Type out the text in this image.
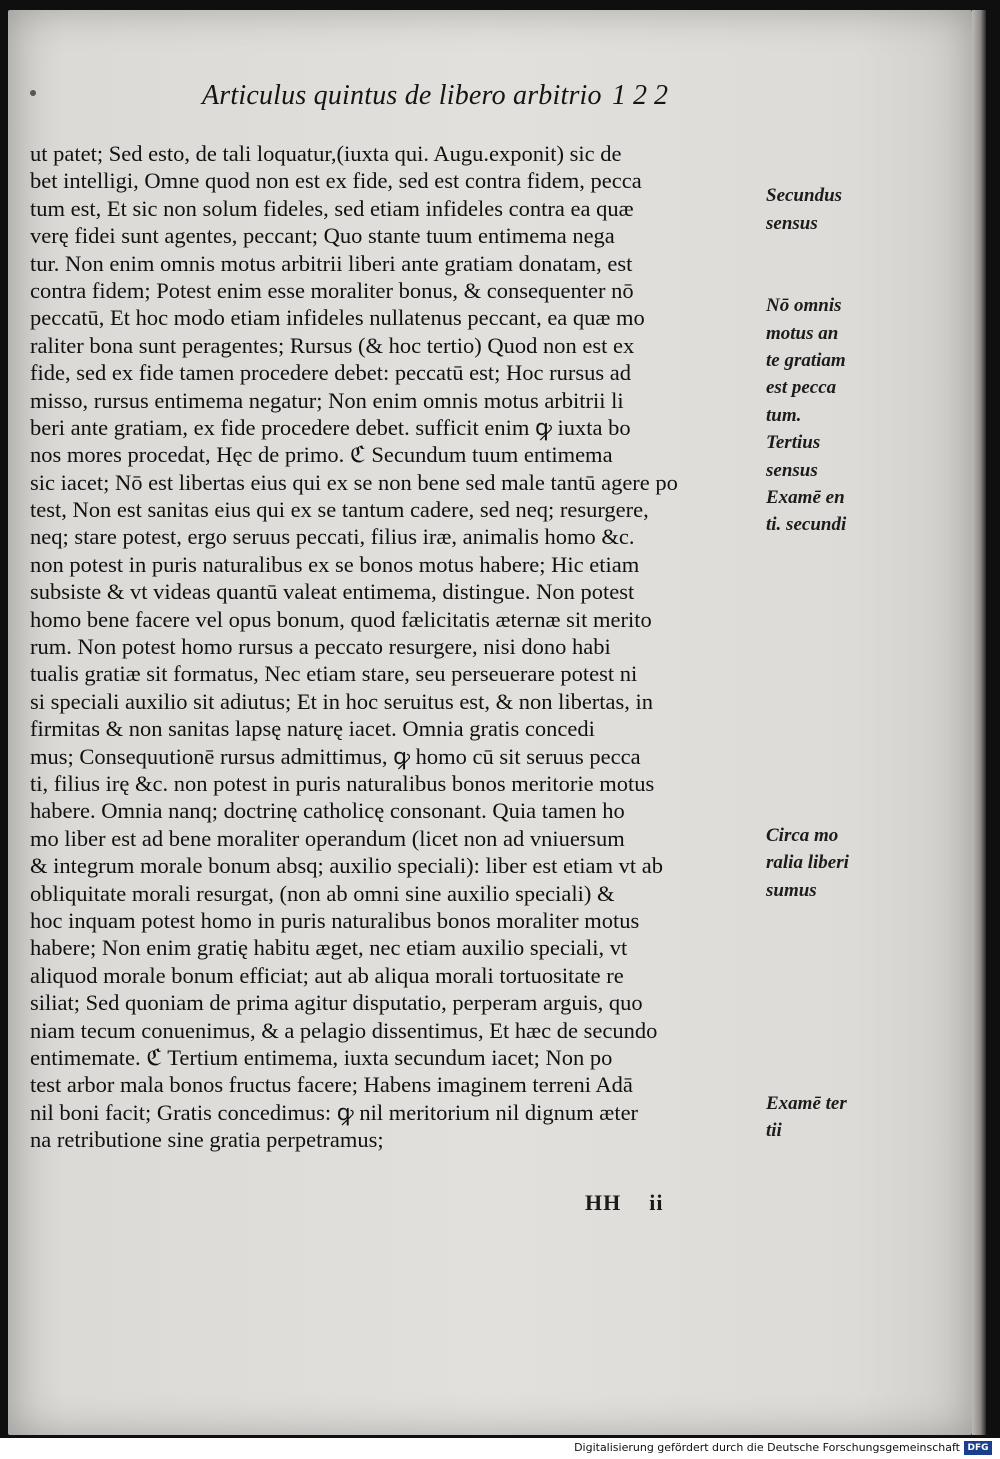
Articulus quintus de libero arbitrio 1 2 2
ut patet; Sed esto, de tali loquatur,(iuxta qui. Augu.exponit) sic de
bet intelligi, Omne quod non est ex fide, sed est contra fidem, pecca
tum est, Et sic non solum fideles, sed etiam infideles contra ea quæ
verę fidei sunt agentes, peccant; Quo stante tuum entimema nega
tur. Non enim omnis motus arbitrii liberi ante gratiam donatam, est
contra fidem; Potest enim esse moraliter bonus, & consequenter nō
peccatū, Et hoc modo etiam infideles nullatenus peccant, ea quæ mo
raliter bona sunt peragentes; Rursus (& hoc tertio) Quod non est ex
fide, sed ex fide tamen procedere debet: peccatū est; Hoc rursus ad
misso, rursus entimema negatur; Non enim omnis motus arbitrii li
beri ante gratiam, ex fide procedere debet. sufficit enim ꝙ iuxta bo
nos mores procedat, Hęc de primo. ℭ Secundum tuum entimema
sic iacet; Nō est libertas eius qui ex se non bene sed male tantū agere po
test, Non est sanitas eius qui ex se tantum cadere, sed neq; resurgere,
neq; stare potest, ergo seruus peccati, filius iræ, animalis homo &c.
non potest in puris naturalibus ex se bonos motus habere; Hic etiam
subsiste & vt videas quantū valeat entimema, distingue. Non potest
homo bene facere vel opus bonum, quod fælicitatis æternæ sit merito
rum. Non potest homo rursus a peccato resurgere, nisi dono habi
tualis gratiæ sit formatus, Nec etiam stare, seu perseuerare potest ni
si speciali auxilio sit adiutus; Et in hoc seruitus est, & non libertas, in
firmitas & non sanitas lapsę naturę iacet. Omnia gratis concedi
mus; Consequutionē rursus admittimus, ꝙ homo cū sit seruus pecca
ti, filius irę &c. non potest in puris naturalibus bonos meritorie motus
habere. Omnia nanq; doctrinę catholicę consonant. Quia tamen ho
mo liber est ad bene moraliter operandum (licet non ad vniuersum
& integrum morale bonum absq; auxilio speciali): liber est etiam vt ab
obliquitate morali resurgat, (non ab omni sine auxilio speciali) &
hoc inquam potest homo in puris naturalibus bonos moraliter motus
habere; Non enim gratię habitu æget, nec etiam auxilio speciali, vt
aliquod morale bonum efficiat; aut ab aliqua morali tortuositate re
siliat; Sed quoniam de prima agitur disputatio, perperam arguis, quo
niam tecum conuenimus, & a pelagio dissentimus, Et hæc de secundo
entimemate. ℭ Tertium entimema, iuxta secundum iacet; Non po
test arbor mala bonos fructus facere; Habens imaginem terreni Adā
nil boni facit; Gratis concedimus: ꝙ nil meritorium nil dignum æter
na retributione sine gratia perpetramus;
Secundus
sensus
Nō omnis
motus an
te gratiam
est pecca
tum.
Tertius
sensus
Examē en
ti. secundi
Circa mo
ralia liberi
sumus
Examē ter
tii
HH ii
Digitalisierung gefördert durch die Deutsche Forschungsgemeinschaft DFG
